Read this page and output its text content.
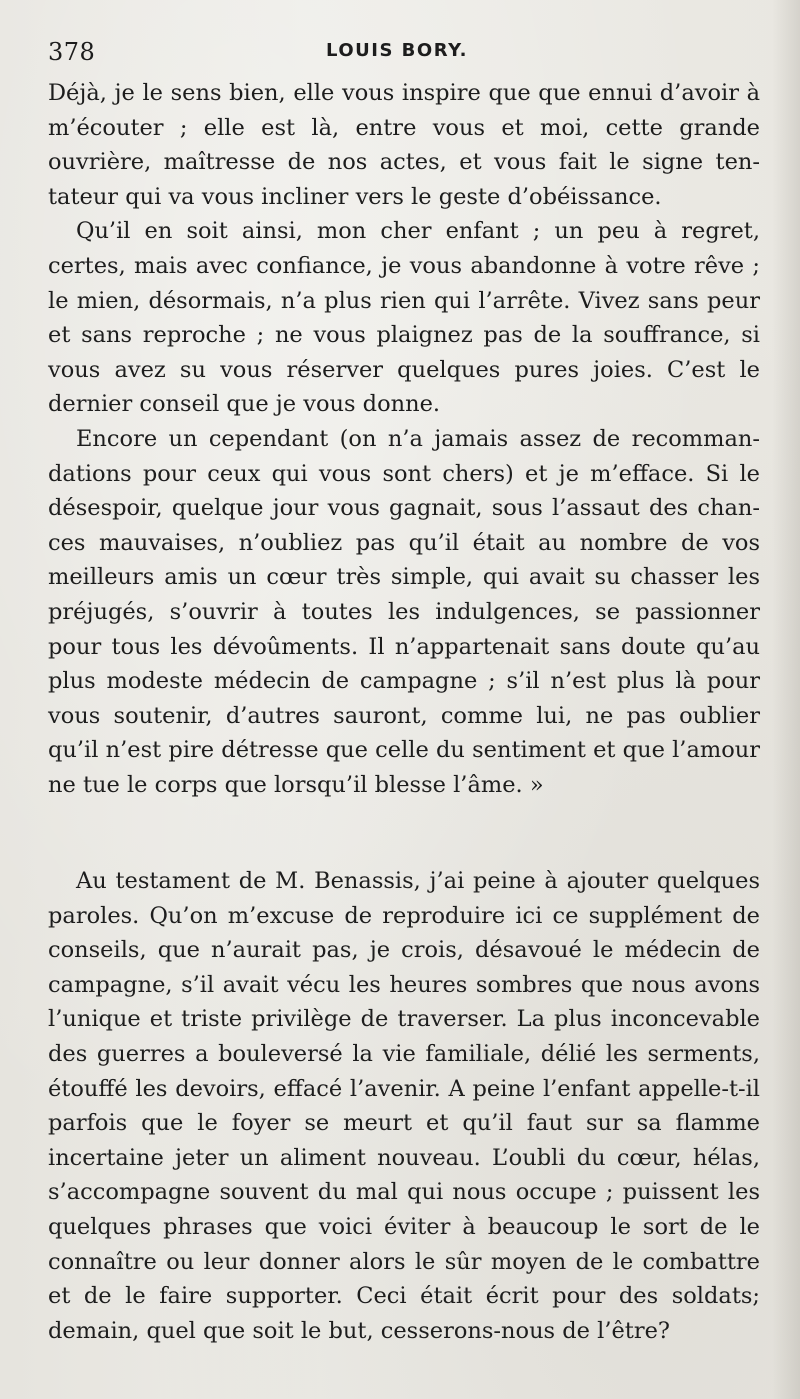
378	LOUIS BORY.

Déjà, je le sens bien, elle vous inspire que que ennui d’avoir à m’écouter ; elle est là, entre vous et moi, cette grande ouvrière, maîtresse de nos actes, et vous fait le signe tentateur qui va vous incliner vers le geste d’obéissance.

Qu’il en soit ainsi, mon cher enfant ; un peu à regret, certes, mais avec confiance, je vous abandonne à votre rêve ; le mien, désormais, n’a plus rien qui l’arrête. Vivez sans peur et sans reproche ; ne vous plaignez pas de la souffrance, si vous avez su vous réserver quelques pures joies. C’est le dernier conseil que je vous donne.

Encore un cependant (on n’a jamais assez de recommandations pour ceux qui vous sont chers) et je m’efface. Si le désespoir, quelque jour vous gagnait, sous l’assaut des chances mauvaises, n’oubliez pas qu’il était au nombre de vos meilleurs amis un cœur très simple, qui avait su chasser les préjugés, s’ouvrir à toutes les indulgences, se passionner pour tous les dévoûments. Il n’appartenait sans doute qu’au plus modeste médecin de campagne ; s’il n’est plus là pour vous soutenir, d’autres sauront, comme lui, ne pas oublier qu’il n’est pire détresse que celle du sentiment et que l’amour ne tue le corps que lorsqu’il blesse l’âme. »

Au testament de M. Benassis, j’ai peine à ajouter quelques paroles. Qu’on m’excuse de reproduire ici ce supplément de conseils, que n’aurait pas, je crois, désavoué le médecin de campagne, s’il avait vécu les heures sombres que nous avons l’unique et triste privilège de traverser. La plus inconcevable des guerres a bouleversé la vie familiale, délié les serments, étouffé les devoirs, effacé l’avenir. A peine l’enfant appelle-t-il parfois que le foyer se meurt et qu’il faut sur sa flamme incertaine jeter un aliment nouveau. L’oubli du cœur, hélas, s’accompagne souvent du mal qui nous occupe ; puissent les quelques phrases que voici éviter à beaucoup le sort de le connaître ou leur donner alors le sûr moyen de le combattre et de le faire supporter. Ceci était écrit pour des soldats; demain, quel que soit le but, cesserons-nous de l’être?
